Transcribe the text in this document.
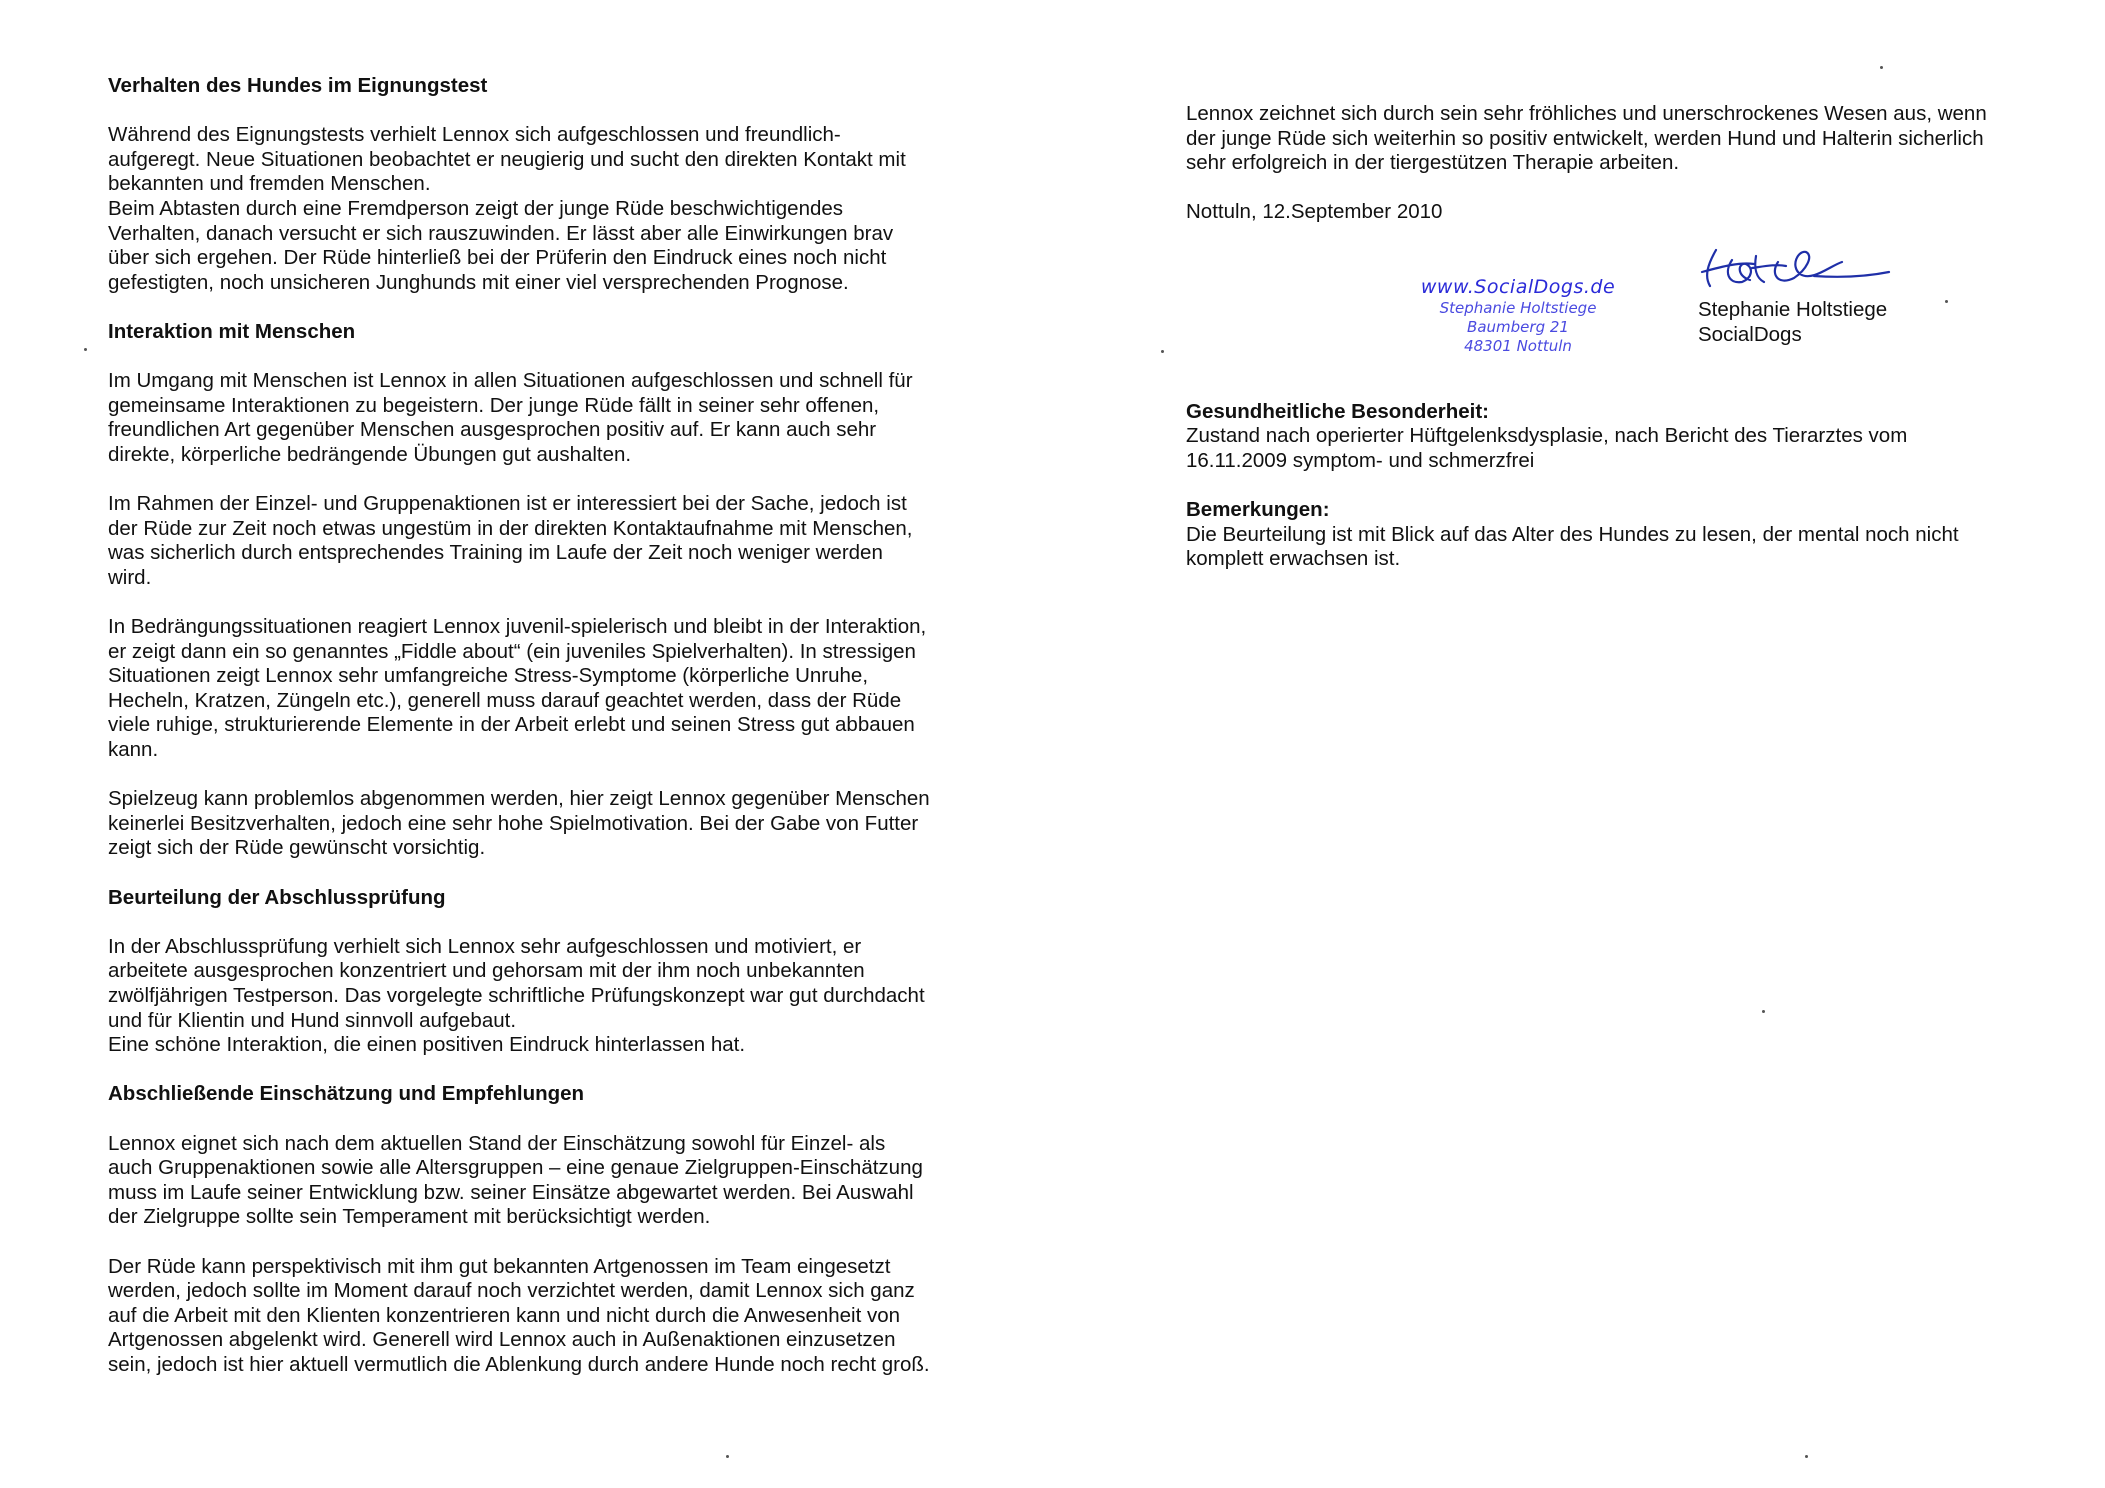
Verhalten des Hundes im Eignungstest
Während des Eignungstests verhielt Lennox sich aufgeschlossen und freundlich-
aufgeregt. Neue Situationen beobachtet er neugierig und sucht den direkten Kontakt mit
bekannten und fremden Menschen.
Beim Abtasten durch eine Fremdperson zeigt der junge Rüde beschwichtigendes
Verhalten, danach versucht er sich rauszuwinden. Er lässt aber alle Einwirkungen brav
über sich ergehen. Der Rüde hinterließ bei der Prüferin den Eindruck eines noch nicht
gefestigten, noch unsicheren Junghunds mit einer viel versprechenden Prognose.
Interaktion mit Menschen
Im Umgang mit Menschen ist Lennox in allen Situationen aufgeschlossen und schnell für
gemeinsame Interaktionen zu begeistern. Der junge Rüde fällt in seiner sehr offenen,
freundlichen Art gegenüber Menschen ausgesprochen positiv auf. Er kann auch sehr
direkte, körperliche bedrängende Übungen gut aushalten.
Im Rahmen der Einzel- und Gruppenaktionen ist er interessiert bei der Sache, jedoch ist
der Rüde zur Zeit noch etwas ungestüm in der direkten Kontaktaufnahme mit Menschen,
was sicherlich durch entsprechendes Training im Laufe der Zeit noch weniger werden
wird.
In Bedrängungssituationen reagiert Lennox juvenil-spielerisch und bleibt in der Interaktion,
er zeigt dann ein so genanntes „Fiddle about“ (ein juveniles Spielverhalten). In stressigen
Situationen zeigt Lennox sehr umfangreiche Stress-Symptome (körperliche Unruhe,
Hecheln, Kratzen, Züngeln etc.), generell muss darauf geachtet werden, dass der Rüde
viele ruhige, strukturierende Elemente in der Arbeit erlebt und seinen Stress gut abbauen
kann.
Spielzeug kann problemlos abgenommen werden, hier zeigt Lennox gegenüber Menschen
keinerlei Besitzverhalten, jedoch eine sehr hohe Spielmotivation. Bei der Gabe von Futter
zeigt sich der Rüde gewünscht vorsichtig.
Beurteilung der Abschlussprüfung
In der Abschlussprüfung verhielt sich Lennox sehr aufgeschlossen und motiviert, er
arbeitete ausgesprochen konzentriert und gehorsam mit der ihm noch unbekannten
zwölfjährigen Testperson. Das vorgelegte schriftliche Prüfungskonzept war gut durchdacht
und für Klientin und Hund sinnvoll aufgebaut.
Eine schöne Interaktion, die einen positiven Eindruck hinterlassen hat.
Abschließende Einschätzung und Empfehlungen
Lennox eignet sich nach dem aktuellen Stand der Einschätzung sowohl für Einzel- als
auch Gruppenaktionen sowie alle Altersgruppen – eine genaue Zielgruppen-Einschätzung
muss im Laufe seiner Entwicklung bzw. seiner Einsätze abgewartet werden. Bei Auswahl
der Zielgruppe sollte sein Temperament mit berücksichtigt werden.
Der Rüde kann perspektivisch mit ihm gut bekannten Artgenossen im Team eingesetzt
werden, jedoch sollte im Moment darauf noch verzichtet werden, damit Lennox sich ganz
auf die Arbeit mit den Klienten konzentrieren kann und nicht durch die Anwesenheit von
Artgenossen abgelenkt wird. Generell wird Lennox auch in Außenaktionen einzusetzen
sein, jedoch ist hier aktuell vermutlich die Ablenkung durch andere Hunde noch recht groß.
Lennox zeichnet sich durch sein sehr fröhliches und unerschrockenes Wesen aus, wenn
der junge Rüde sich weiterhin so positiv entwickelt, werden Hund und Halterin sicherlich
sehr erfolgreich in der tiergestützen Therapie arbeiten.
Nottuln, 12.September 2010
Gesundheitliche Besonderheit:
Zustand nach operierter Hüftgelenksdysplasie, nach Bericht des Tierarztes vom
16.11.2009 symptom- und schmerzfrei
Bemerkungen:
Die Beurteilung ist mit Blick auf das Alter des Hundes zu lesen, der mental noch nicht
komplett erwachsen ist.
www.SocialDogs.de
Stephanie Holtstiege
Baumberg 21
48301 Nottuln
Stephanie Holtstiege
SocialDogs
